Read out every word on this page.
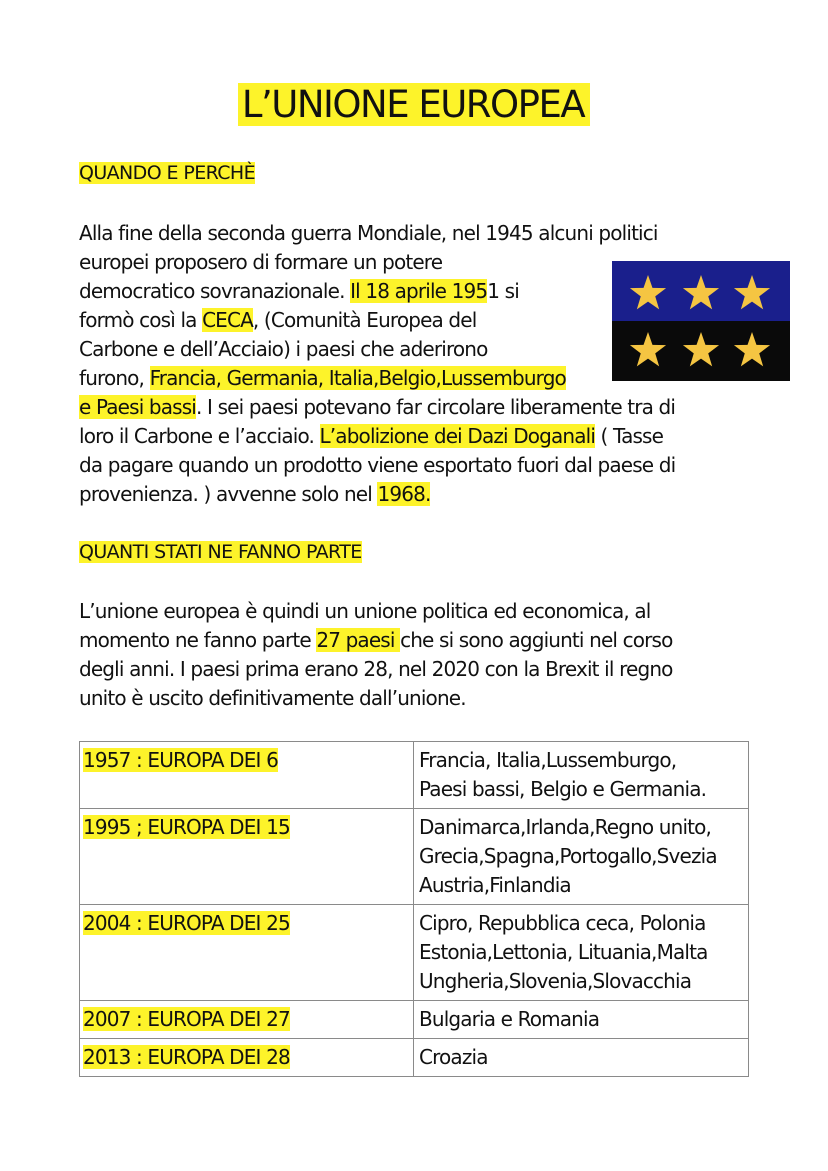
L’UNIONE EUROPEA
QUANDO E PERCHÈ
Alla fine della seconda guerra Mondiale, nel 1945 alcuni politici
europei proposero di formare un potere
democratico sovranazionale. Il 18 aprile 1951 si
formò così la CECA, (Comunità Europea del
Carbone e dell’Acciaio) i paesi che aderirono
furono, Francia, Germania, Italia,Belgio,Lussemburgo
e Paesi bassi. I sei paesi potevano far circolare liberamente tra di
loro il Carbone e l’acciaio. L’abolizione dei Dazi Doganali ( Tasse
da pagare quando un prodotto viene esportato fuori dal paese di
provenienza. ) avvenne solo nel 1968.
QUANTI STATI NE FANNO PARTE
L’unione europea è quindi un unione politica ed economica, al
momento ne fanno parte 27 paesi che si sono aggiunti nel corso
degli anni. I paesi prima erano 28, nel 2020 con la Brexit il regno
unito è uscito definitivamente dall’unione.
1957 : EUROPA DEI 6	Francia, Italia,Lussemburgo,
Paesi bassi, Belgio e Germania.

1995 ; EUROPA DEI 15	Danimarca,Irlanda,Regno unito,
Grecia,Spagna,Portogallo,Svezia
Austria,Finlandia

2004 : EUROPA DEI 25	Cipro, Repubblica ceca, Polonia
Estonia,Lettonia, Lituania,Malta
Ungheria,Slovenia,Slovacchia

2007 : EUROPA DEI 27	Bulgaria e Romania

2013 : EUROPA DEI 28	Croazia
